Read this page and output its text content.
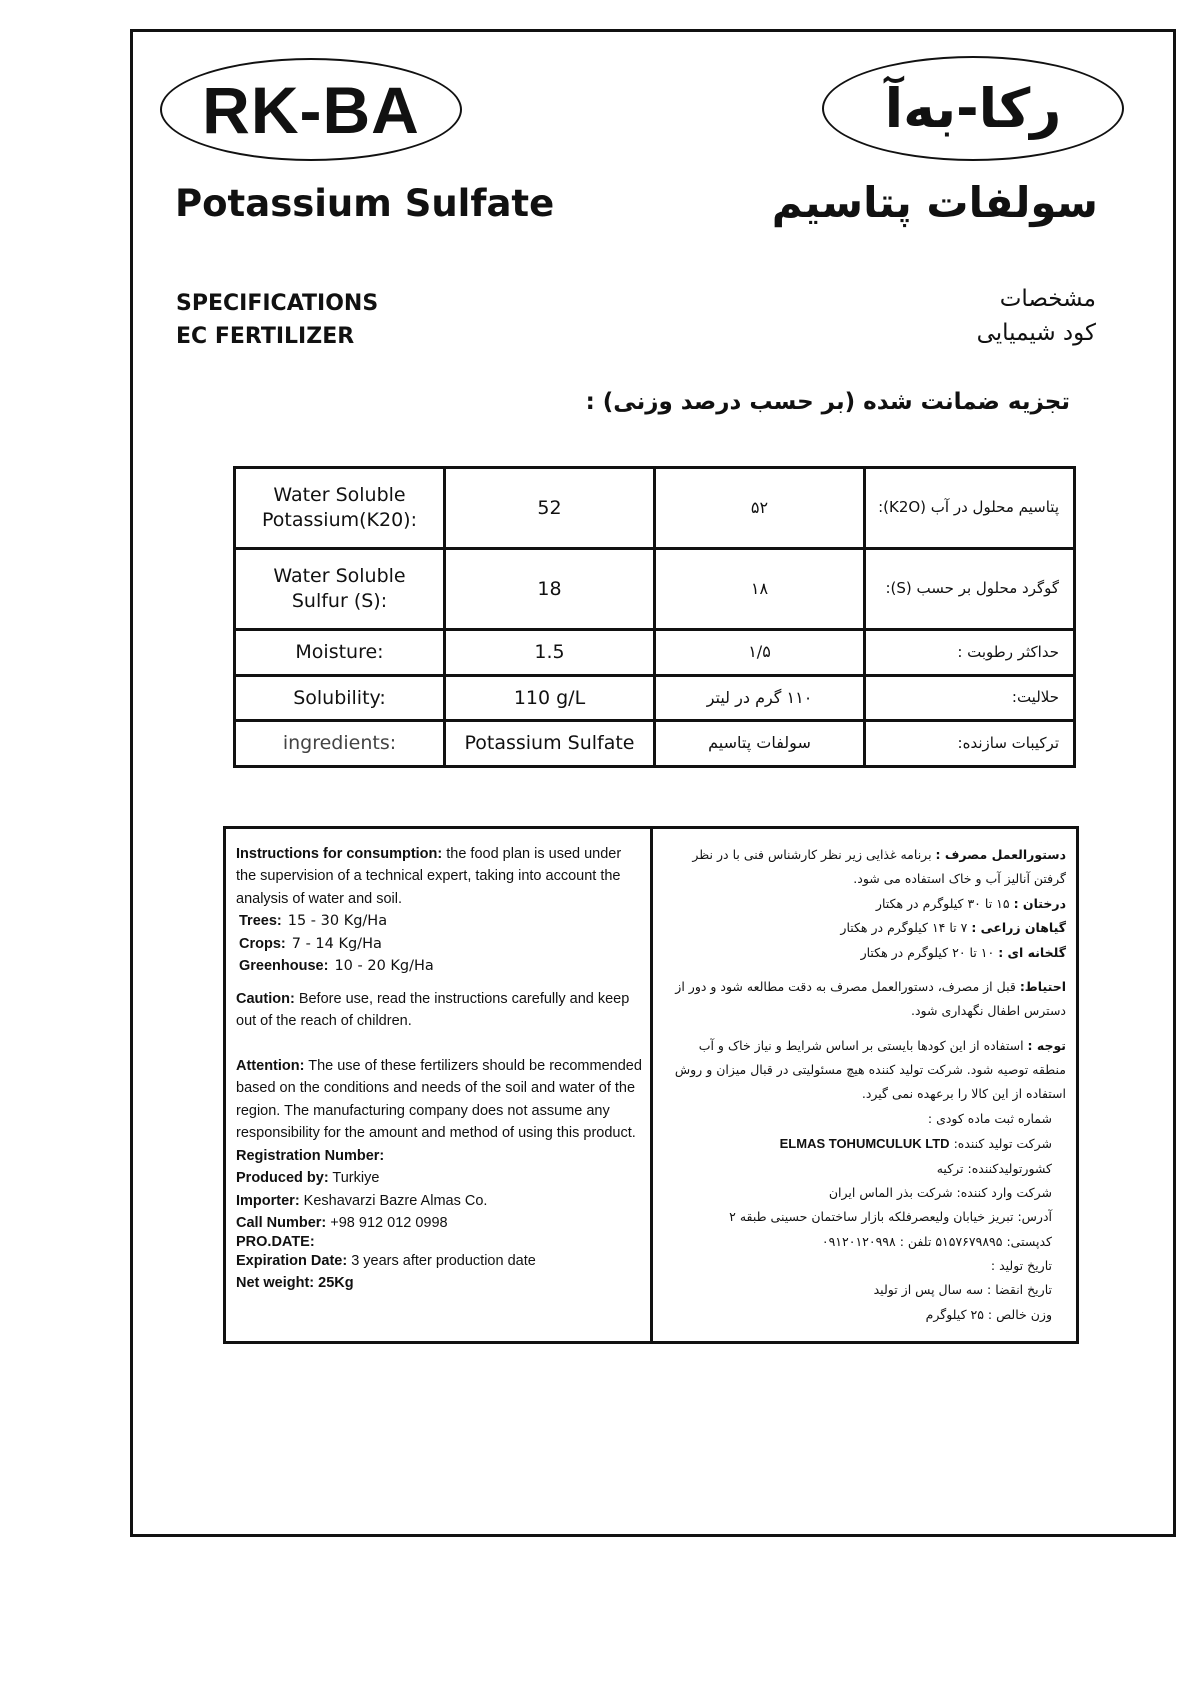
RK-BA	رکا-به‌آ
Potassium Sulfate	سولفات پتاسیم
SPECIFICATIONS
EC FERTILIZER
مشخصات
کود شیمیایی
تجزیه ضمانت شده (بر حسب درصد وزنی) :
Water Soluble Potassium(K20):	52	۵۲	پتاسیم محلول در آب (K2O):
Water Soluble Sulfur (S):	18	۱۸	گوگرد محلول بر حسب (S):
Moisture:	1.5	۱/۵	حداکثر رطوبت :
Solubility:	110 g/L	۱۱۰ گرم در لیتر	حلالیت:
ingredients:	Potassium Sulfate	سولفات پتاسیم	ترکیبات سازنده:

Instructions for consumption: the food plan is used under the supervision of a technical expert, taking into account the analysis of water and soil.

Trees: 15 - 30 Kg/Ha

Crops: 7 - 14 Kg/Ha

Greenhouse: 10 - 20 Kg/Ha

Caution: Before use, read the instructions carefully and keep out of the reach of children.

Attention: The use of these fertilizers should be recommended based on the conditions and needs of the soil and water of the region. The manufacturing company does not assume any responsibility for the amount and method of using this product.

Registration Number:

Produced by: Turkiye

Importer: Keshavarzi Bazre Almas Co.

Call Number: +98 912 012 0998

PRO.DATE:

Expiration Date: 3 years after production date

Net weight: 25Kg

دستورالعمل مصرف : برنامه غذایی زیر نظر کارشناس فنی با در نظر گرفتن آنالیز آب و خاک استفاده می شود.

درختان : ۱۵ تا ۳۰ کیلوگرم در هکتار

گیاهان زراعی : ۷ تا ۱۴ کیلوگرم در هکتار

گلخانه ای : ۱۰ تا ۲۰ کیلوگرم در هکتار

احتیاط: قبل از مصرف، دستورالعمل مصرف به دقت مطالعه شود و دور از دسترس اطفال نگهداری شود.

توجه : استفاده از این کودها بایستی بر اساس شرایط و نیاز خاک و آب منطقه توصیه شود. شرکت تولید کننده هیچ مسئولیتی در قبال میزان و روش استفاده از این کالا را برعهده نمی گیرد.

شماره ثبت ماده کودی :

شرکت تولید کننده: ELMAS TOHUMCULUK LTD

کشورتولیدکننده: ترکیه

شرکت وارد کننده: شرکت بذر الماس ایران

آدرس: تبریز خیابان ولیعصرفلکه بازار ساختمان حسینی طبقه ۲

کدپستی: ۵۱۵۷۶۷۹۸۹۵ تلفن : ۰۹۱۲۰۱۲۰۹۹۸

تاریخ تولید :

تاریخ انقضا : سه سال پس از تولید

وزن خالص : ۲۵ کیلوگرم
